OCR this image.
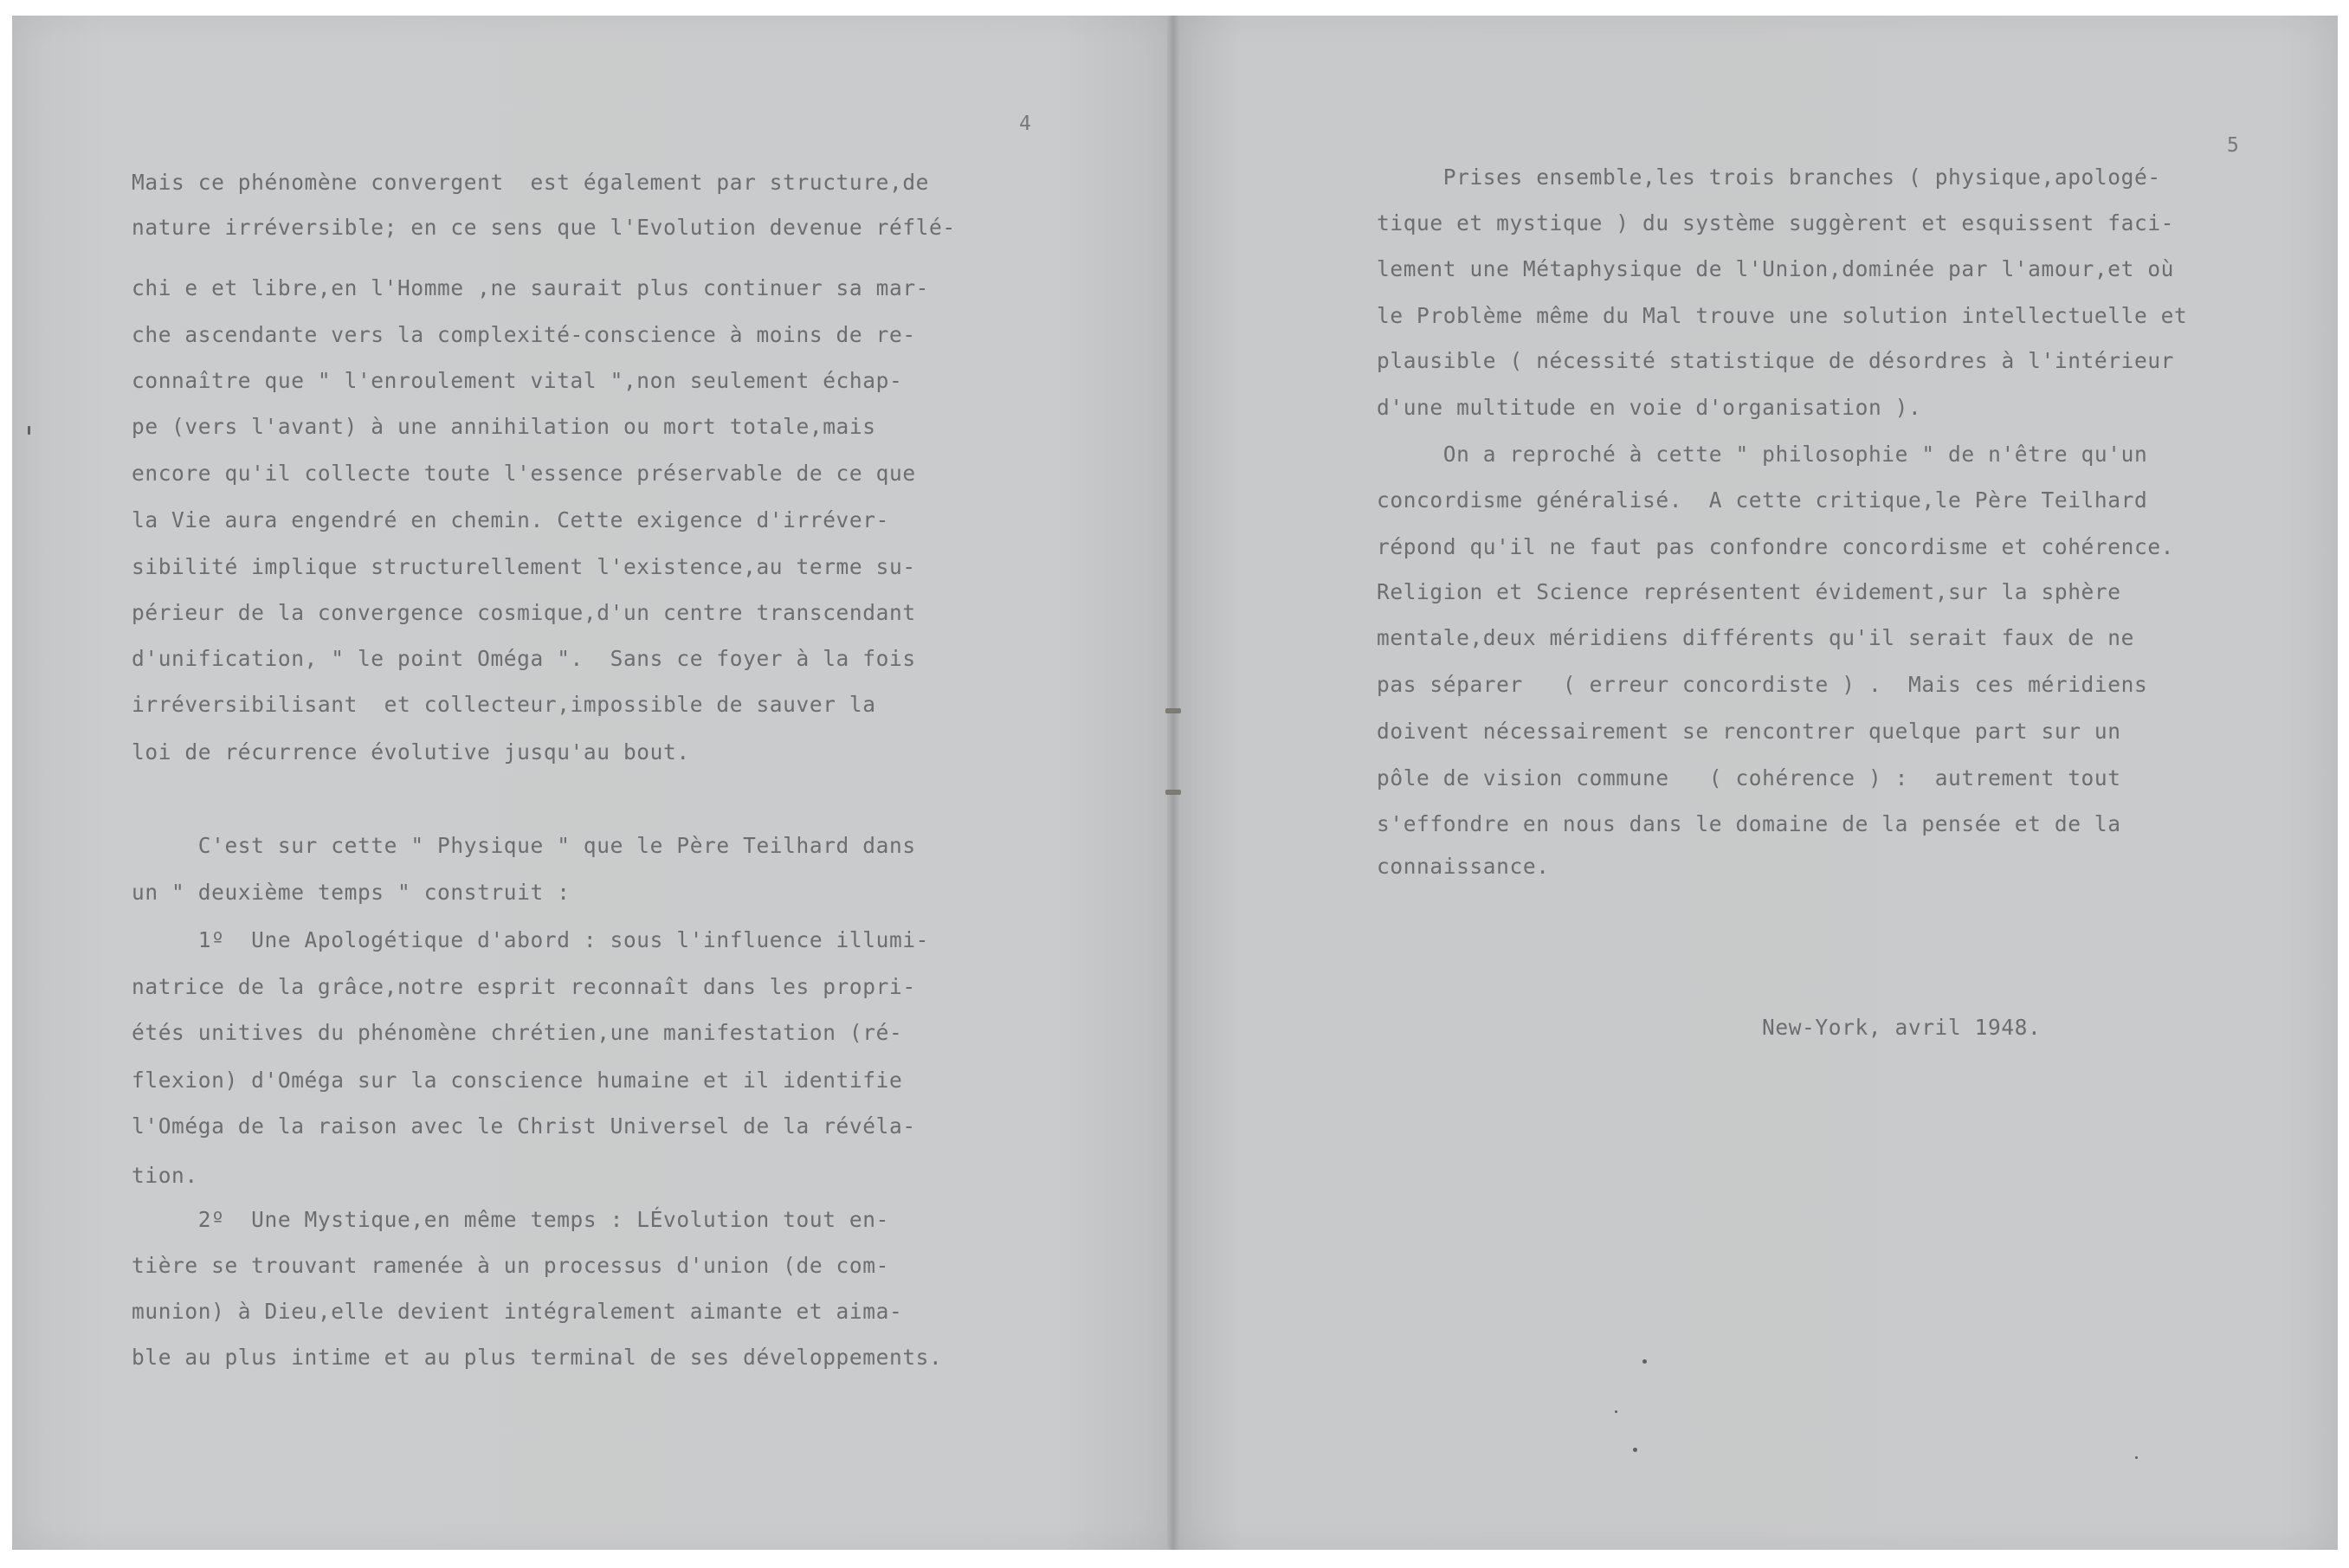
4
5
Mais ce phénomène convergent  est également par structure,de
nature irréversible; en ce sens que l'Evolution devenue réflé-
chi e et libre,en l'Homme ,ne saurait plus continuer sa mar-
che ascendante vers la complexité-conscience à moins de re-
connaître que " l'enroulement vital ",non seulement échap-
pe (vers l'avant) à une annihilation ou mort totale,mais
encore qu'il collecte toute l'essence préservable de ce que
la Vie aura engendré en chemin. Cette exigence d'irréver-
sibilité implique structurellement l'existence,au terme su-
périeur de la convergence cosmique,d'un centre transcendant
d'unification, " le point Oméga ".  Sans ce foyer à la fois
irréversibilisant  et collecteur,impossible de sauver la
loi de récurrence évolutive jusqu'au bout.
C'est sur cette " Physique " que le Père Teilhard dans
un " deuxième temps " construit :
1º  Une Apologétique d'abord : sous l'influence illumi-
natrice de la grâce,notre esprit reconnaît dans les propri-
étés unitives du phénomène chrétien,une manifestation (ré-
flexion) d'Oméga sur la conscience humaine et il identifie
l'Oméga de la raison avec le Christ Universel de la révéla-
tion.
2º  Une Mystique,en même temps : LÉvolution tout en-
tière se trouvant ramenée à un processus d'union (de com-
munion) à Dieu,elle devient intégralement aimante et aima-
ble au plus intime et au plus terminal de ses développements.
Prises ensemble,les trois branches ( physique,apologé-
tique et mystique ) du système suggèrent et esquissent faci-
lement une Métaphysique de l'Union,dominée par l'amour,et où
le Problème même du Mal trouve une solution intellectuelle et
plausible ( nécessité statistique de désordres à l'intérieur
d'une multitude en voie d'organisation ).
On a reproché à cette " philosophie " de n'être qu'un
concordisme généralisé.  A cette critique,le Père Teilhard
répond qu'il ne faut pas confondre concordisme et cohérence.
Religion et Science représentent évidement,sur la sphère
mentale,deux méridiens différents qu'il serait faux de ne
pas séparer   ( erreur concordiste ) .  Mais ces méridiens
doivent nécessairement se rencontrer quelque part sur un
pôle de vision commune   ( cohérence ) :  autrement tout
s'effondre en nous dans le domaine de la pensée et de la
connaissance.
New-York, avril 1948.
